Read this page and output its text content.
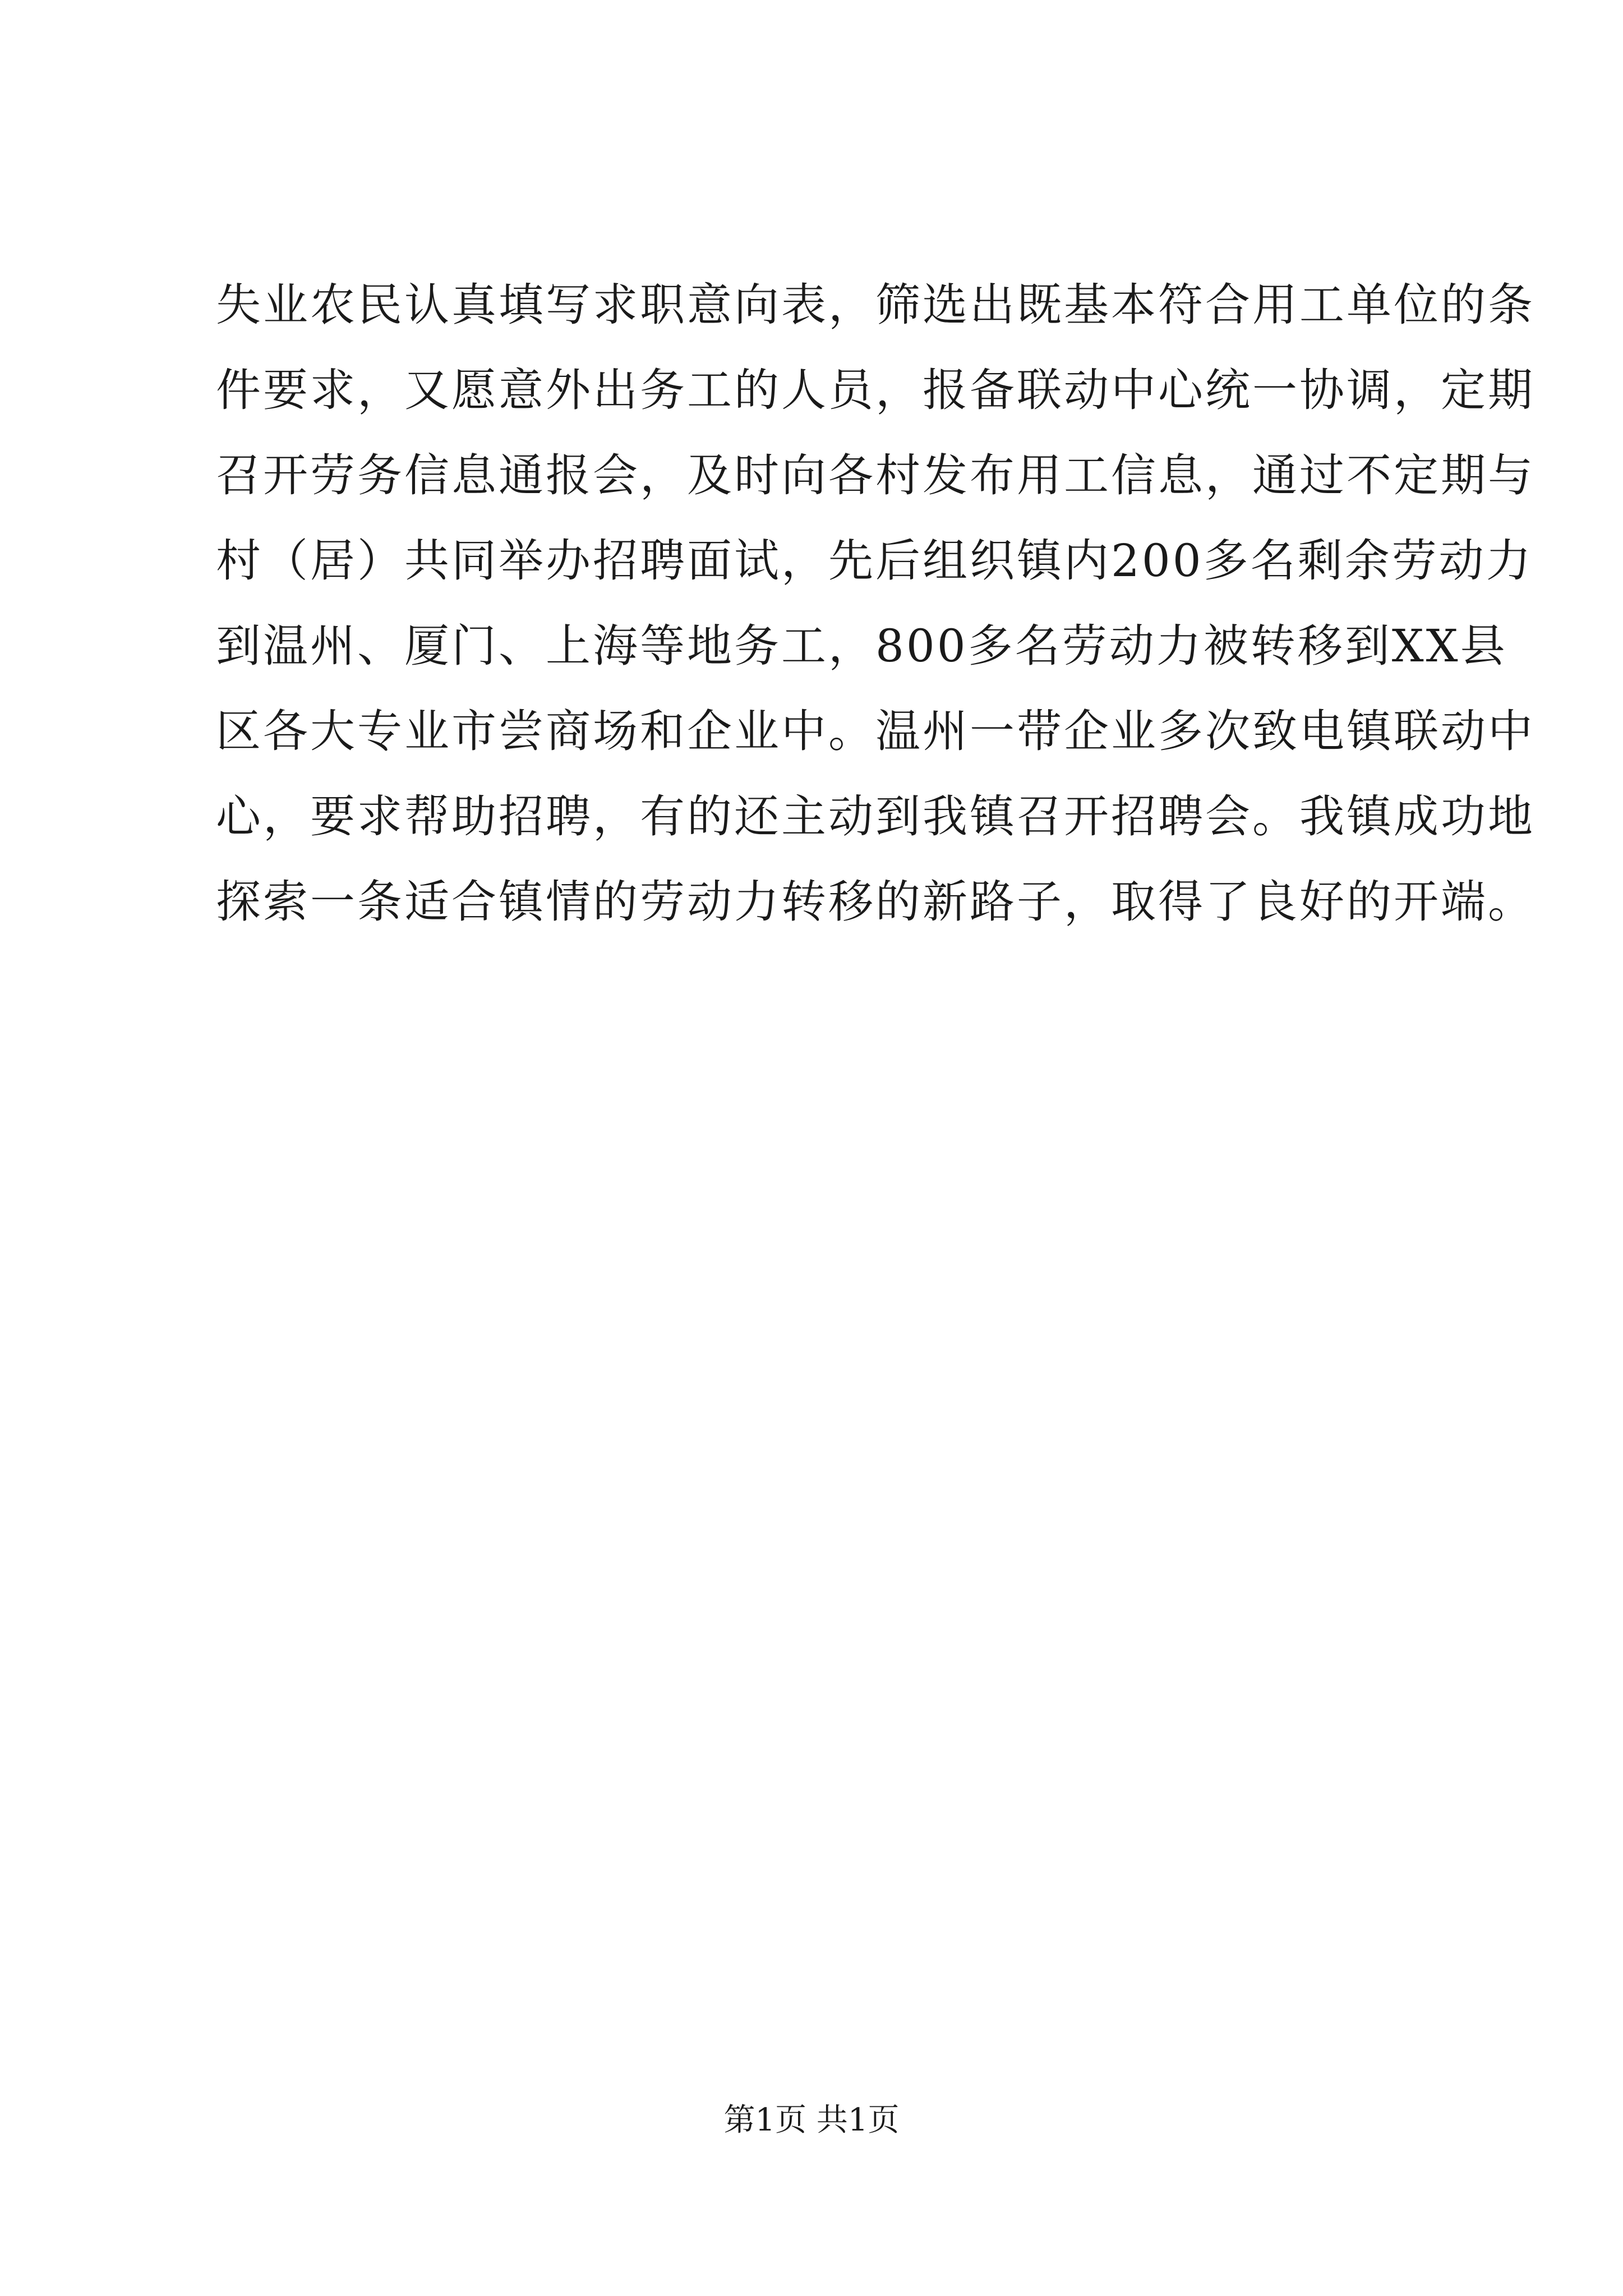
失业农民认真填写求职意向表，筛选出既基本符合用工单位的条
件要求，又愿意外出务工的人员，报备联动中心统一协调，定期
召开劳务信息通报会，及时向各村发布用工信息，通过不定期与
村（居）共同举办招聘面试，先后组织镇内200多名剩余劳动力
到温州、厦门、上海等地务工，800多名劳动力被转移到XX县
区各大专业市尝商场和企业中。温州一带企业多次致电镇联动中
心，要求帮助招聘，有的还主动到我镇召开招聘会。我镇成功地
探索一条适合镇情的劳动力转移的新路子，取得了良好的开端。
第1页 共1页
